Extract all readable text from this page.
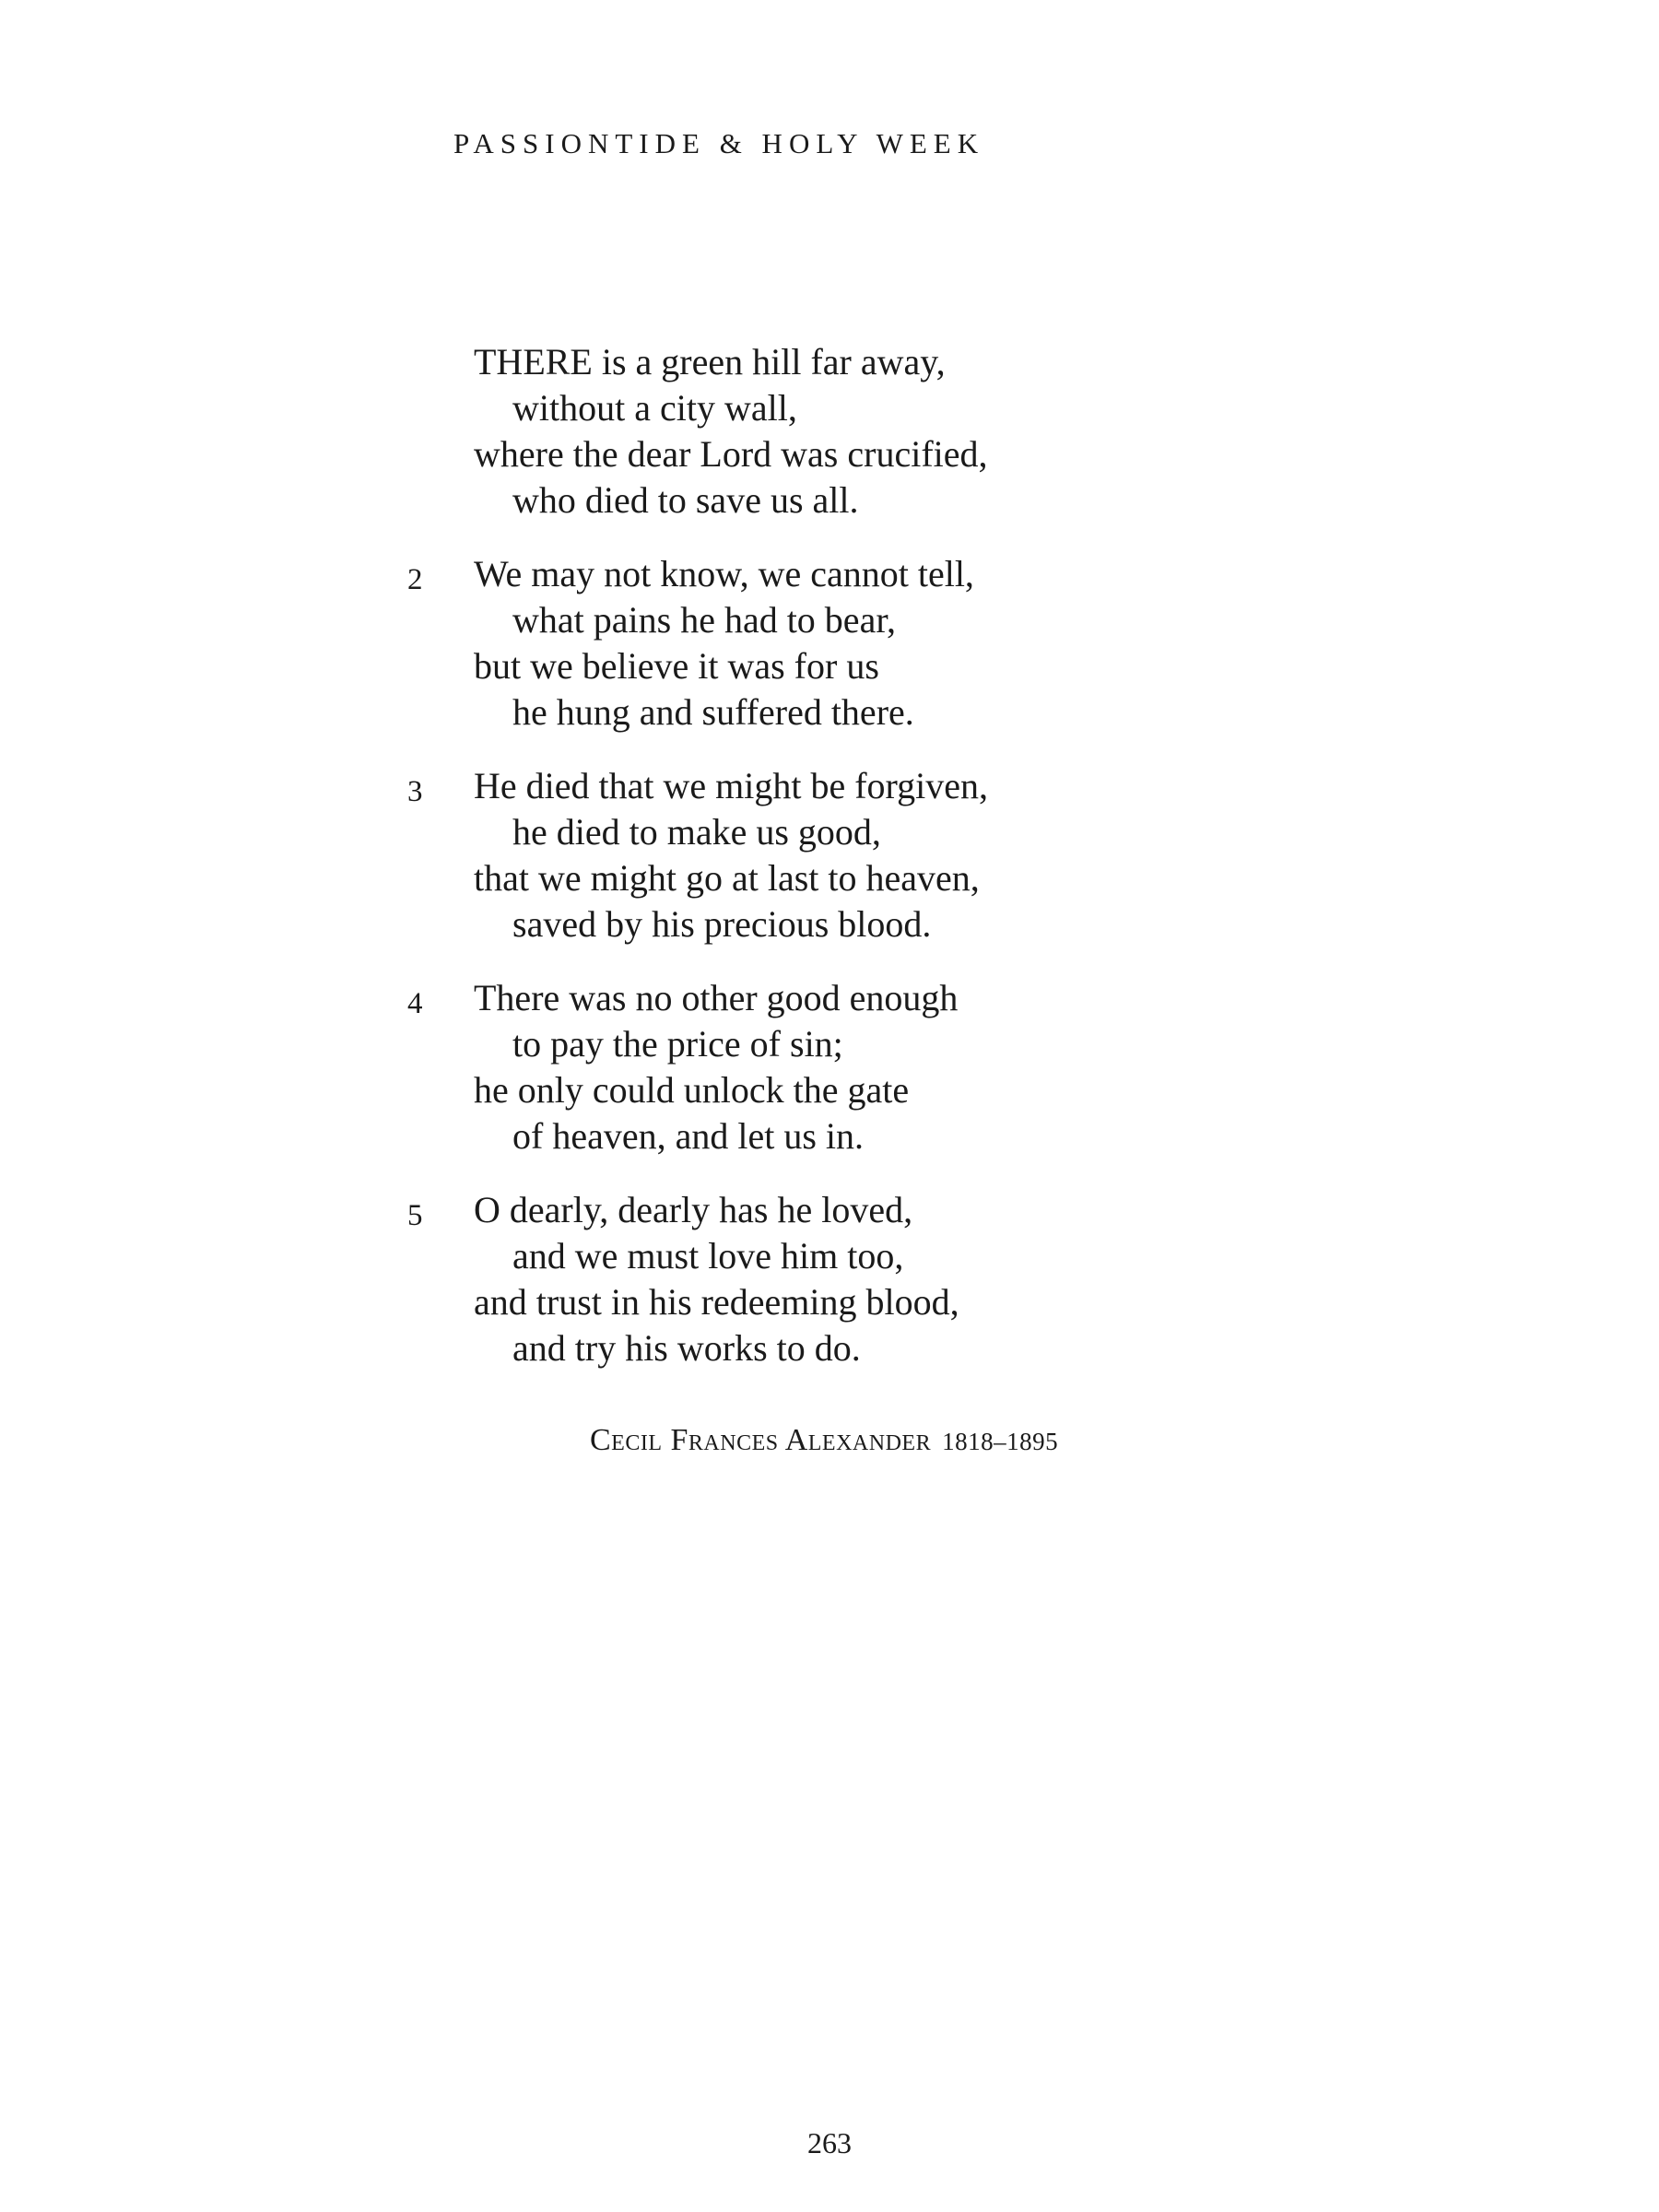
PASSIONTIDE & HOLY WEEK
THERE is a green hill far away,
without a city wall,
where the dear Lord was crucified,
who died to save us all.
2 We may not know, we cannot tell,
what pains he had to bear,
but we believe it was for us
he hung and suffered there.
3 He died that we might be forgiven,
he died to make us good,
that we might go at last to heaven,
saved by his precious blood.
4 There was no other good enough
to pay the price of sin;
he only could unlock the gate
of heaven, and let us in.
5 O dearly, dearly has he loved,
and we must love him too,
and trust in his redeeming blood,
and try his works to do.
Cecil Frances Alexander 1818–1895
263
